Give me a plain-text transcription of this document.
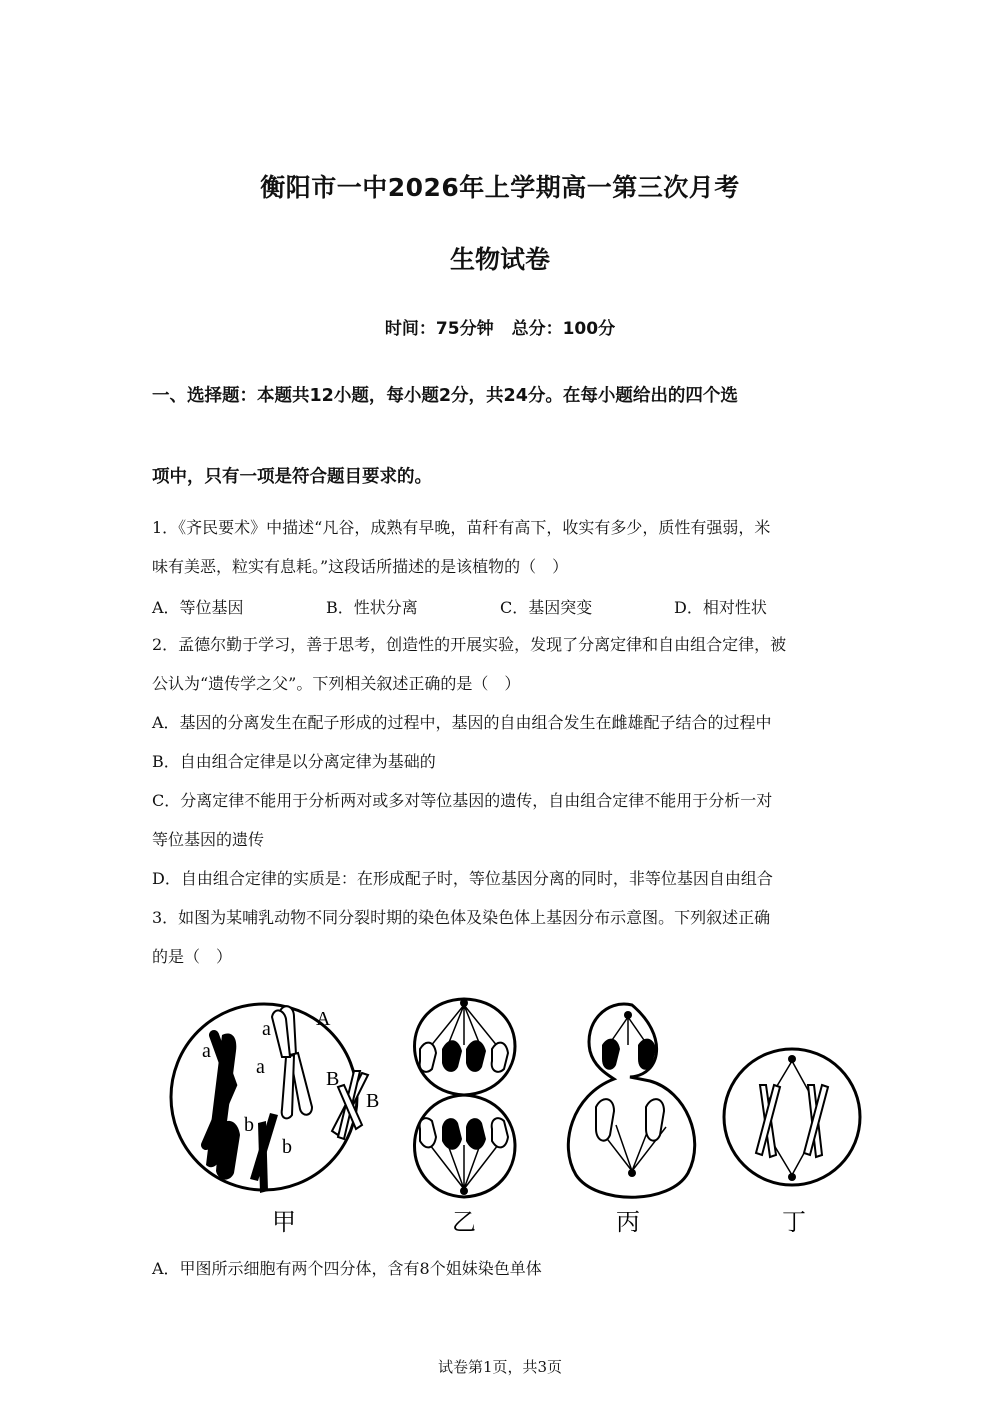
衡阳市一中2026年上学期高一第三次月考
生物试卷
时间：75分钟 总分：100分
一、选择题：本题共12小题，每小题2分，共24分。在每小题给出的四个选
项中，只有一项是符合题目要求的。
1．《齐民要术》中描述“凡谷，成熟有早晚，苗秆有高下，收实有多少，质性有强弱，米
味有美恶，粒实有息耗。”这段话所描述的是该植物的（　）
A．等位基因	B．性状分离	C．基因突变	D．相对性状
2．孟德尔勤于学习，善于思考，创造性的开展实验，发现了分离定律和自由组合定律，被
公认为“遗传学之父”。下列相关叙述正确的是（　）
A．基因的分离发生在配子形成的过程中，基因的自由组合发生在雌雄配子结合的过程中
B．自由组合定律是以分离定律为基础的
C．分离定律不能用于分析两对或多对等位基因的遗传，自由组合定律不能用于分析一对
等位基因的遗传
D．自由组合定律的实质是：在形成配子时，等位基因分离的同时，非等位基因自由组合
3．如图为某哺乳动物不同分裂时期的染色体及染色体上基因分布示意图。下列叙述正确
的是（　）
a
a
a
A
B
B
b
b
甲	乙	丙	丁
A．甲图所示细胞有两个四分体，含有8个姐妹染色单体
试卷第1页，共3页
